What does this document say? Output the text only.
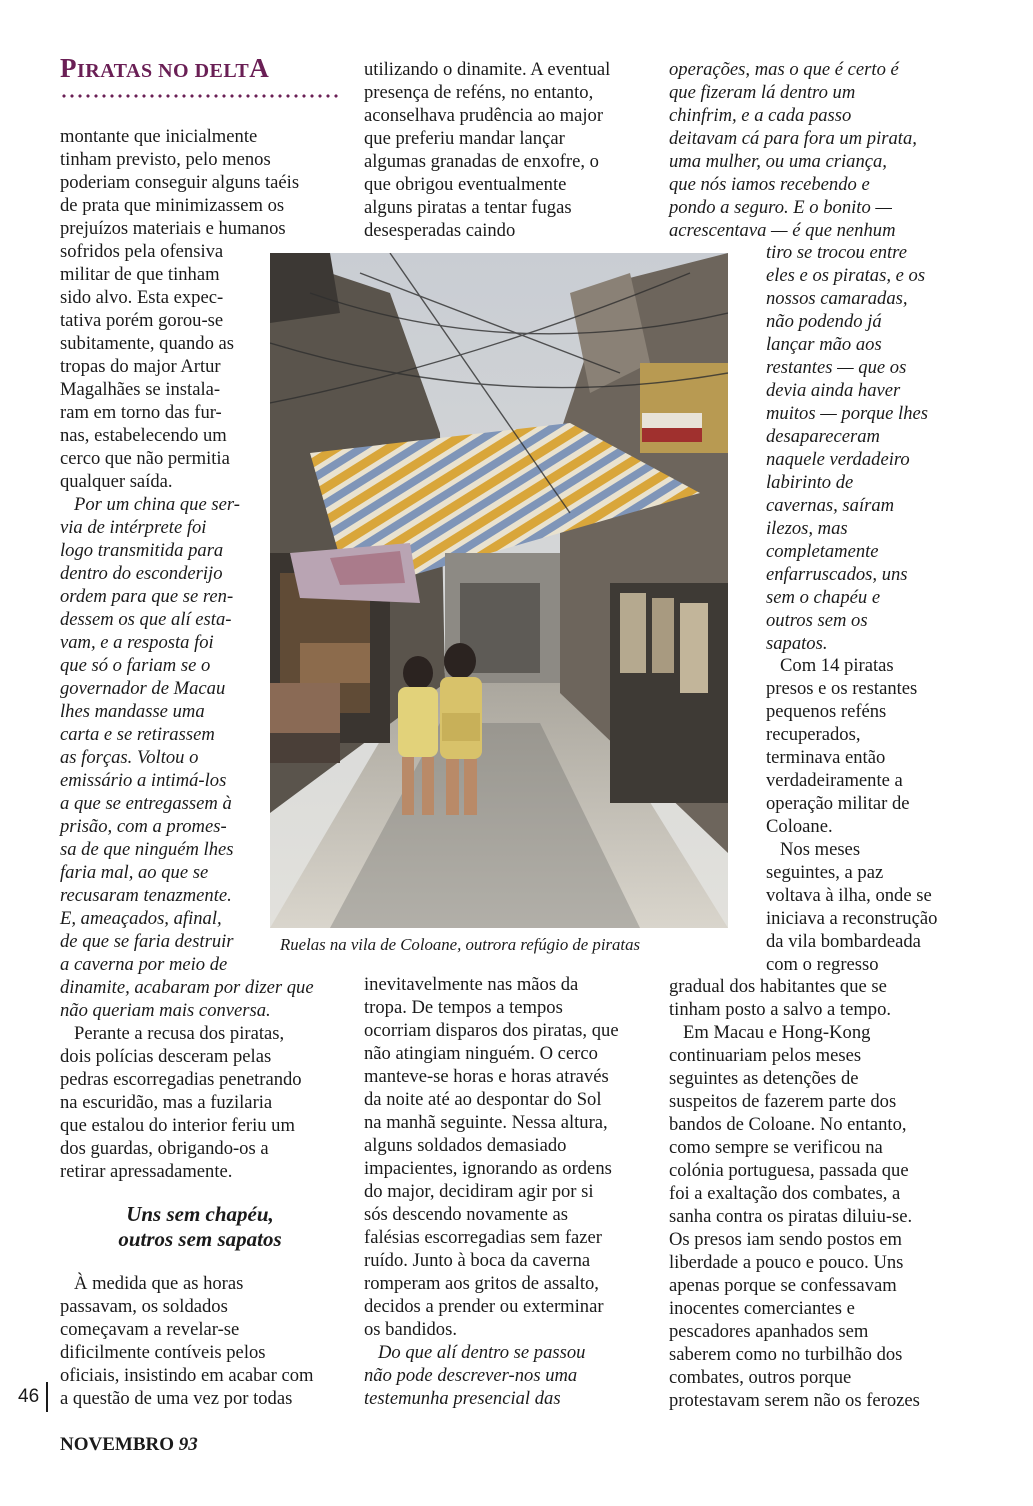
PIRATAS NO DELTA
montante que inicialmente
tinham previsto, pelo menos
poderiam conseguir alguns taéis
de prata que minimizassem os
prejuízos materiais e humanos
sofridos pela ofensiva
militar de que tinham
sido alvo. Esta expec-
tativa porém gorou-se
subitamente, quando as
tropas do major Artur
Magalhães se instala-
ram em torno das fur-
nas, estabelecendo um
cerco que não permitia
qualquer saída.
Por um china que ser-
via de intérprete foi
logo transmitida para
dentro do esconderijo
ordem para que se ren-
dessem os que alí esta-
vam, e a resposta foi
que só o fariam se o
governador de Macau
lhes mandasse uma
carta e se retirassem
as forças. Voltou o
emissário a intimá-los
a que se entregassem à
prisão, com a promes-
sa de que ninguém lhes
faria mal, ao que se
recusaram tenazmente.
E, ameaçados, afinal,
de que se faria destruir
a caverna por meio de
dinamite, acabaram por dizer que
não queriam mais conversa.
Perante a recusa dos piratas,
dois polícias desceram pelas
pedras escorregadias penetrando
na escuridão, mas a fuzilaria
que estalou do interior feriu um
dos guardas, obrigando-os a
retirar apressadamente.
Uns sem chapéu,
outros sem sapatos
À medida que as horas
passavam, os soldados
começavam a revelar-se
dificilmente contíveis pelos
oficiais, insistindo em acabar com
a questão de uma vez por todas
utilizando o dinamite. A eventual
presença de reféns, no entanto,
aconselhava prudência ao major
que preferiu mandar lançar
algumas granadas de enxofre, o
que obrigou eventualmente
alguns piratas a tentar fugas
desesperadas caindo
inevitavelmente nas mãos da
tropa. De tempos a tempos
ocorriam disparos dos piratas, que
não atingiam ninguém. O cerco
manteve-se horas e horas através
da noite até ao despontar do Sol
na manhã seguinte. Nessa altura,
alguns soldados demasiado
impacientes, ignorando as ordens
do major, decidiram agir por si
sós descendo novamente as
falésias escorregadias sem fazer
ruído. Junto à boca da caverna
romperam aos gritos de assalto,
decidos a prender ou exterminar
os bandidos.
Do que alí dentro se passou
não pode descrever-nos uma
testemunha presencial das
operações, mas o que é certo é
que fizeram lá dentro um
chinfrim, e a cada passo
deitavam cá para fora um pirata,
uma mulher, ou uma criança,
que nós iamos recebendo e
pondo a seguro. E o bonito —
acrescentava — é que nenhum
tiro se trocou entre
eles e os piratas, e os
nossos camaradas,
não podendo já
lançar mão aos
restantes — que os
devia ainda haver
muitos — porque lhes
desapareceram
naquele verdadeiro
labirinto de
cavernas, saíram
ilezos, mas
completamente
enfarruscados, uns
sem o chapéu e
outros sem os
sapatos.
Com 14 piratas
presos e os restantes
pequenos reféns
recuperados,
terminava então
verdadeiramente a
operação militar de
Coloane.
Nos meses
seguintes, a paz
voltava à ilha, onde se
iniciava a reconstrução
da vila bombardeada
com o regresso
gradual dos habitantes que se
tinham posto a salvo a tempo.
Em Macau e Hong-Kong
continuariam pelos meses
seguintes as detenções de
suspeitos de fazerem parte dos
bandos de Coloane. No entanto,
como sempre se verificou na
colónia portuguesa, passada que
foi a exaltação dos combates, a
sanha contra os piratas diluiu-se.
Os presos iam sendo postos em
liberdade a pouco e pouco. Uns
apenas porque se confessavam
inocentes comerciantes e
pescadores apanhados sem
saberem como no turbilhão dos
combates, outros porque
protestavam serem não os ferozes

Ruelas na vila de Coloane, outrora refúgio de piratas

46

NOVEMBRO 93
